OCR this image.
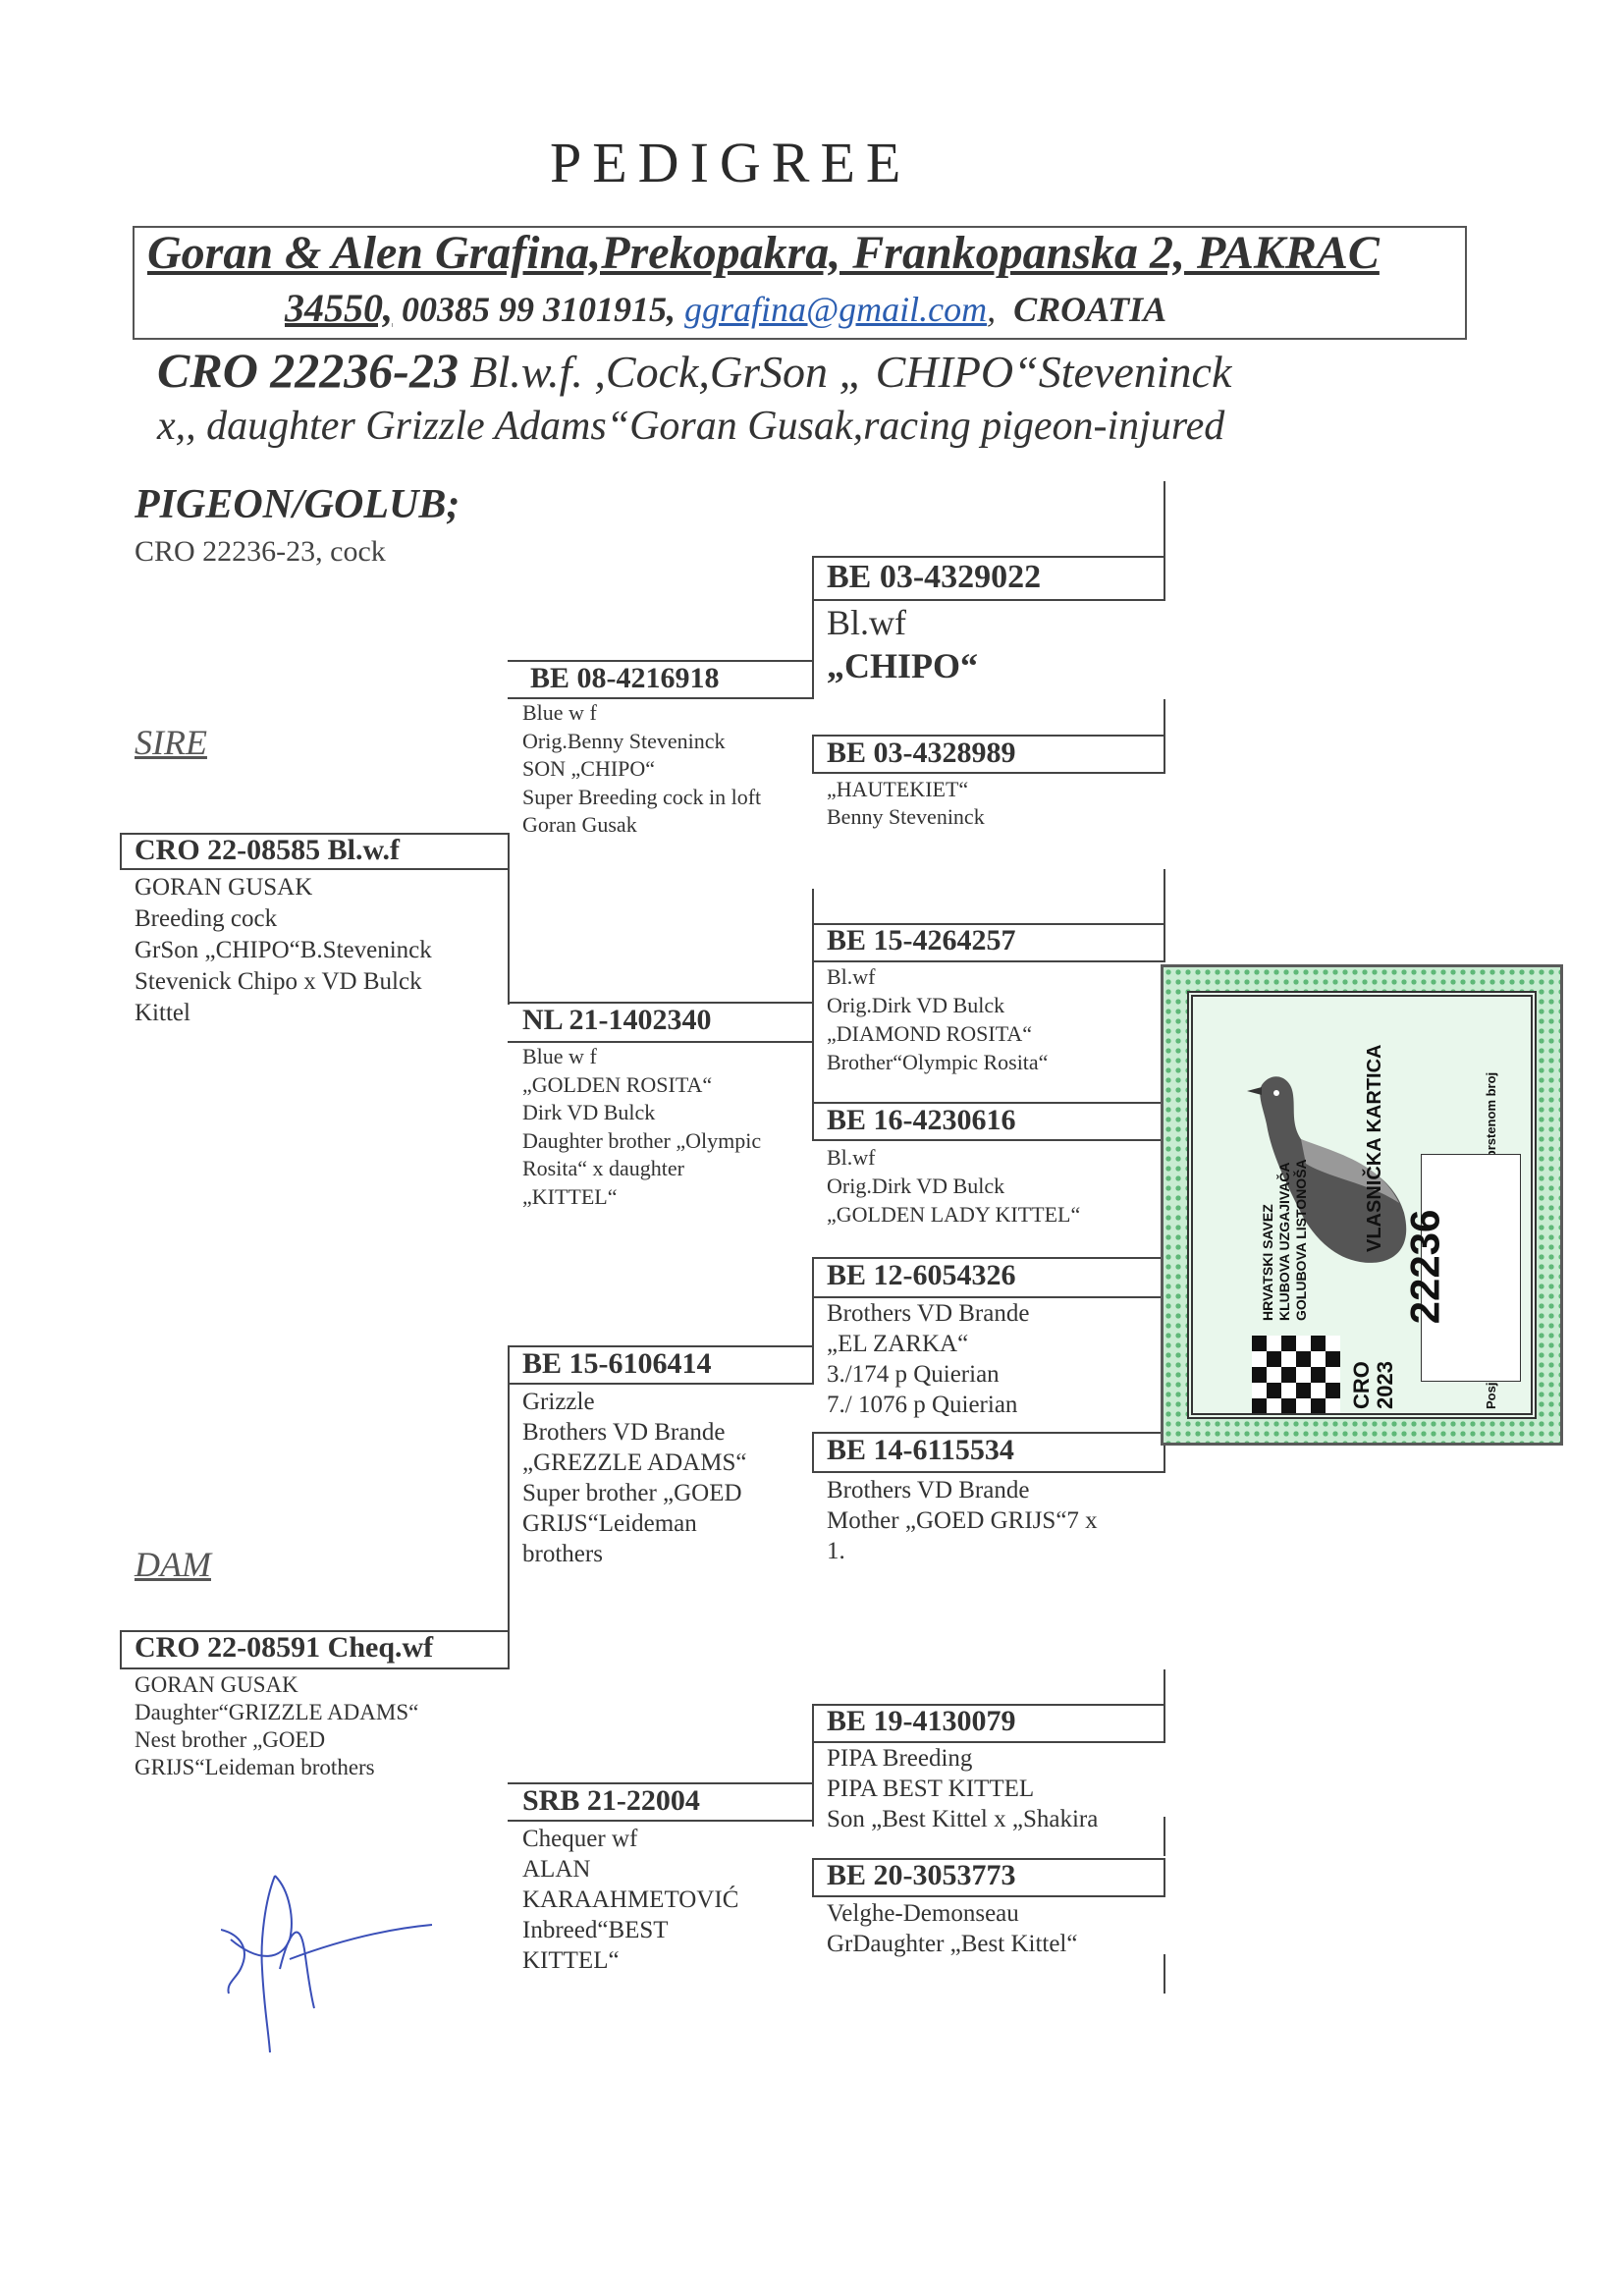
PEDIGREE
Goran & Alen Grafina,Prekopakra, Frankopanska 2, PAKRAC
34550, 00385 99 3101915, ggrafina@gmail.com,  CROATIA
CRO 22236-23 Bl.w.f. ,Cock,GrSon „ CHIPO“Steveninck
x,, daughter Grizzle Adams“Goran Gusak,racing pigeon-injured
PIGEON/GOLUB;
CRO 22236-23, cock
SIRE
DAM
CRO 22-08585 Bl.w.f
GORAN GUSAK
Breeding cock
GrSon „CHIPO“B.Steveninck
Stevenick Chipo x VD Bulck
Kittel
CRO 22-08591 Cheq.wf
GORAN GUSAK
Daughter“GRIZZLE ADAMS“
Nest brother „GOED
GRIJS“Leideman brothers
BE 08-4216918
Blue w f
Orig.Benny Steveninck
SON „CHIPO“
Super Breeding cock in loft
Goran Gusak
NL 21-1402340
Blue w f
„GOLDEN ROSITA“
Dirk VD Bulck
Daughter brother „Olympic
Rosita“ x daughter
„KITTEL“
BE 15-6106414
Grizzle
Brothers VD Brande
„GREZZLE ADAMS“
Super brother „GOED
GRIJS“Leideman
brothers
SRB 21-22004
Chequer wf
ALAN
KARAAHMETOVIĆ
Inbreed“BEST
KITTEL“
BE 03-4329022
Bl.wf
„CHIPO“
BE 03-4328989
„HAUTEKIET“
Benny Steveninck
BE 15-4264257
Bl.wf
Orig.Dirk VD Bulck
„DIAMOND ROSITA“
Brother“Olympic Rosita“
BE 16-4230616
Bl.wf
Orig.Dirk VD Bulck
„GOLDEN LADY KITTEL“
BE 12-6054326
Brothers VD Brande
„EL ZARKA“
3./174 p Quierian
7./ 1076 p Quierian
BE 14-6115534
Brothers VD Brande
Mother „GOED GRIJS“7 x
1.
BE 19-4130079
PIPA Breeding
PIPA BEST KITTEL
Son „Best Kittel x „Shakira
BE 20-3053773
Velghe-Demonseau
GrDaughter „Best Kittel“
HRVATSKI SAVEZ KLUBOVA UZGAJIVAČA GOLUBOVA LISTONOŠA	VLASNIČKA KARTICA
22236
CRO 2023
